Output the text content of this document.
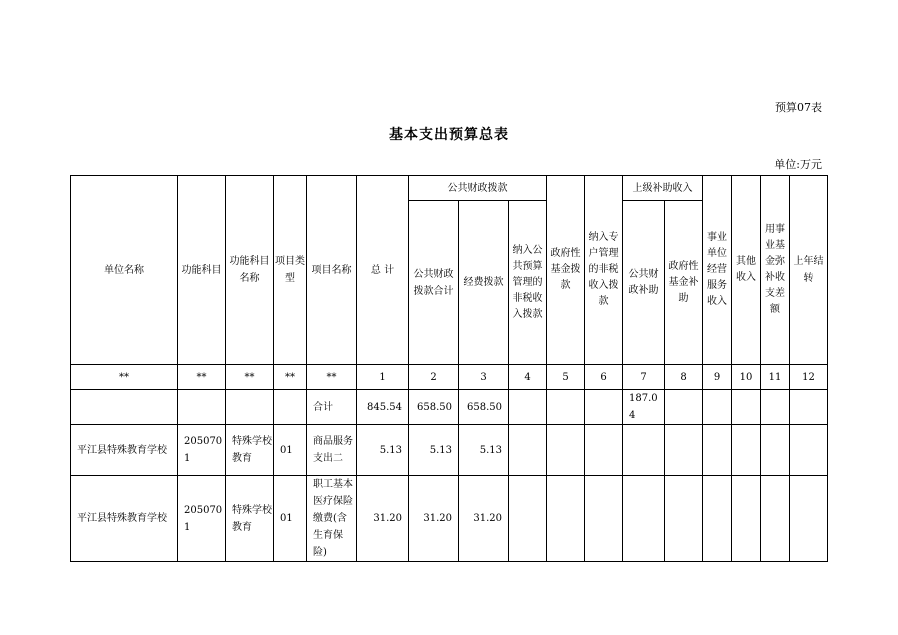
预算07表
基本支出预算总表
单位:万元
单位名称	功能科目	功能科目名称	项目类型	项目名称	总 计	公共财政拨款			政府性基金拨款	纳入专户管理的非税收入拨款	上级补助收入		事业单位经营服务收入	其他收入	用事业基金弥补收支差额	上年结转
						公共财政拨款合计	经费拨款	纳入公共预算管理的非税收入拨款			公共财政补助	政府性基金补助				

**	**	**	**	**	1	2	3	4	5	6	7	8	9	10	11	12
				合计	845.54	658.50	658.50				187.04					
平江县特殊教育学校	2050701	特殊学校教育	01	商品服务支出二	5.13	5.13	5.13									
平江县特殊教育学校	2050701	特殊学校教育	01	职工基本医疗保险缴费(含生育保险)	31.20	31.20	31.20									
